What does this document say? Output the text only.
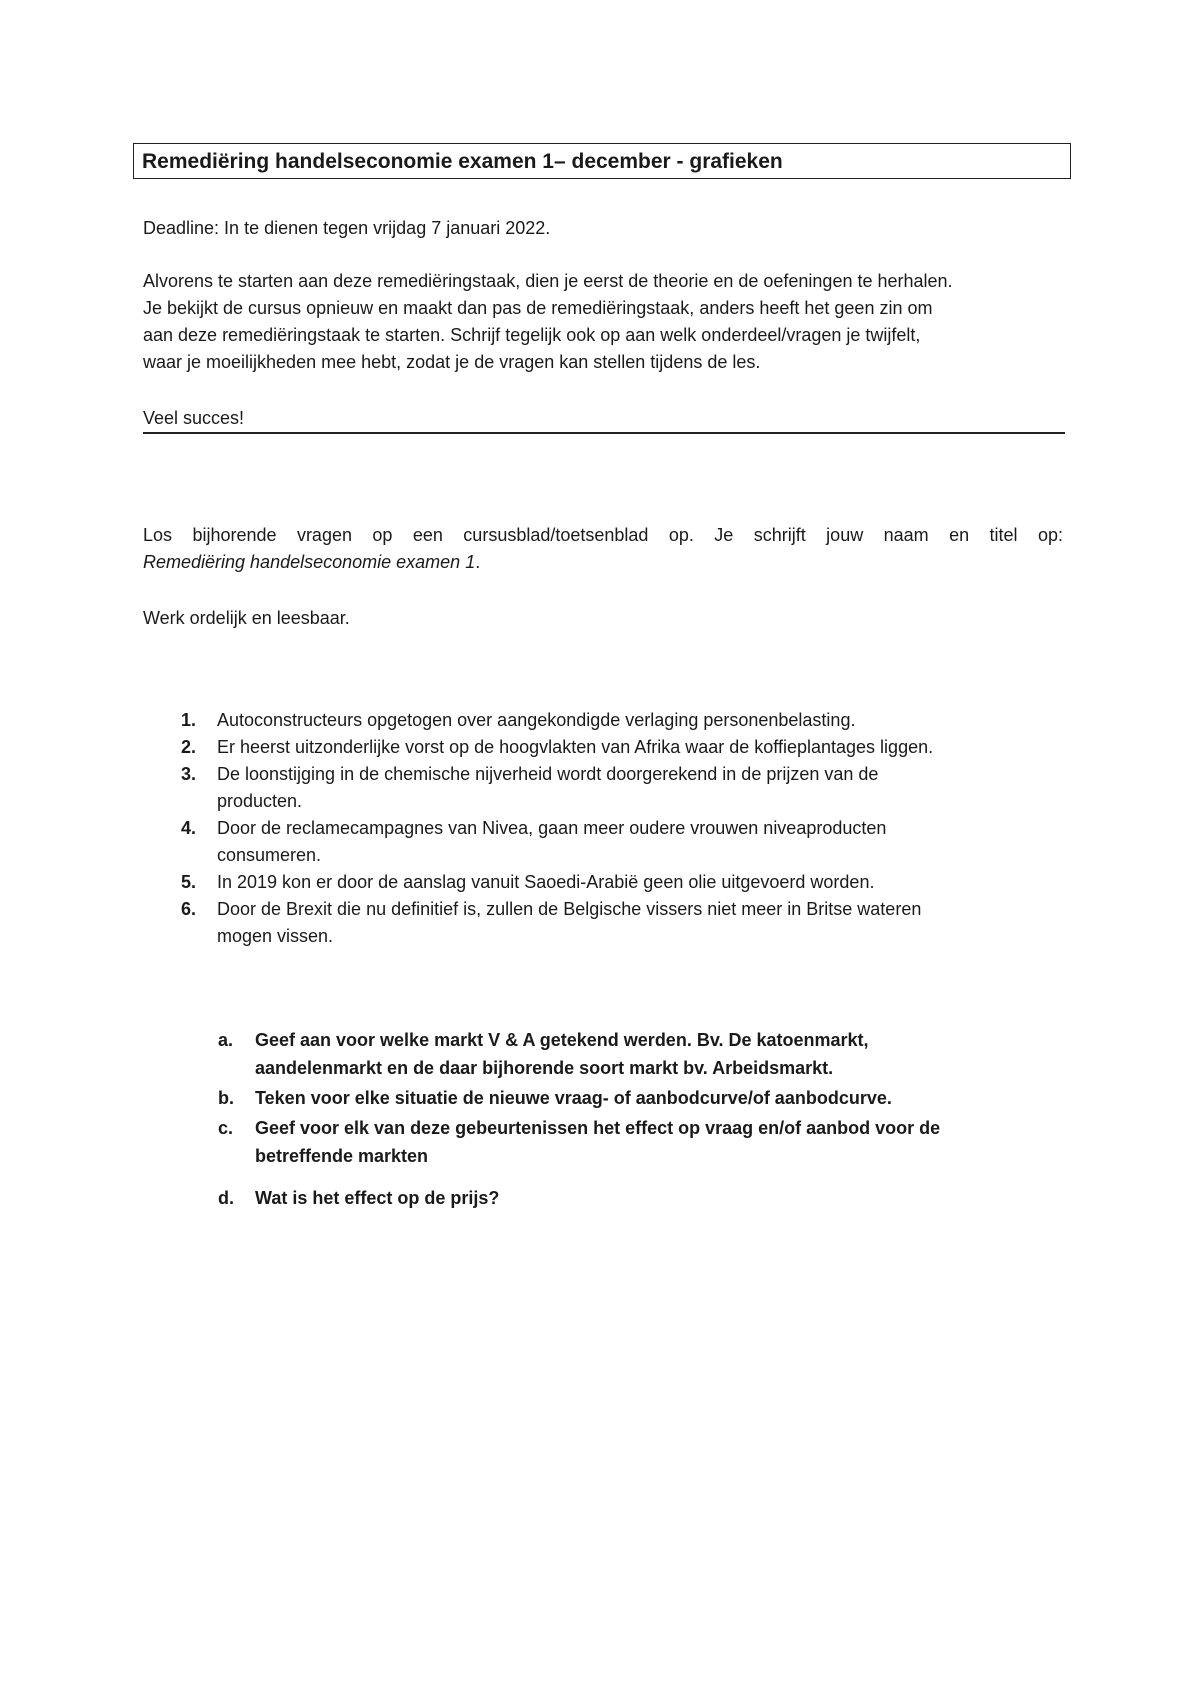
Remediëring handelseconomie examen 1– december - grafieken
Deadline: In te dienen tegen vrijdag 7 januari 2022.
Alvorens te starten aan deze remediëringstaak, dien je eerst de theorie en de oefeningen te herhalen.
Je bekijkt de cursus opnieuw en maakt dan pas de remediëringstaak, anders heeft het geen zin om
aan deze remediëringstaak te starten. Schrijf tegelijk ook op aan welk onderdeel/vragen je twijfelt,
waar je moeilijkheden mee hebt, zodat je de vragen kan stellen tijdens de les.
Veel succes!
Los bijhorende vragen op een cursusblad/toetsenblad op. Je schrijft jouw naam en titel op:
Remediëring handelseconomie examen 1.
Werk ordelijk en leesbaar.
1. Autoconstructeurs opgetogen over aangekondigde verlaging personenbelasting.
2. Er heerst uitzonderlijke vorst op de hoogvlakten van Afrika waar de koffieplantages liggen.
3. De loonstijging in de chemische nijverheid wordt doorgerekend in de prijzen van de
producten.
4. Door de reclamecampagnes van Nivea, gaan meer oudere vrouwen niveaproducten
consumeren.
5. In 2019 kon er door de aanslag vanuit Saoedi-Arabië geen olie uitgevoerd worden.
6. Door de Brexit die nu definitief is, zullen de Belgische vissers niet meer in Britse wateren
mogen vissen.
a. Geef aan voor welke markt V & A getekend werden. Bv. De katoenmarkt,
aandelenmarkt en de daar bijhorende soort markt bv. Arbeidsmarkt.
b. Teken voor elke situatie de nieuwe vraag- of aanbodcurve/of aanbodcurve.
c. Geef voor elk van deze gebeurtenissen het effect op vraag en/of aanbod voor de
betreffende markten
d. Wat is het effect op de prijs?
